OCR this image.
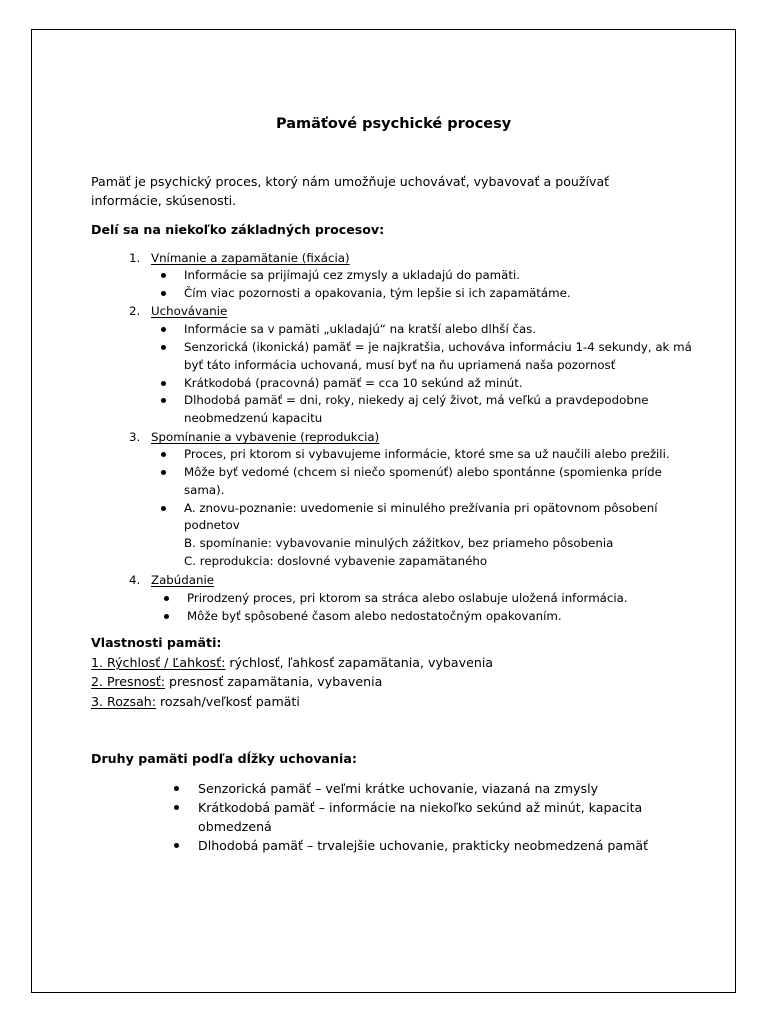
Pamäťové psychické procesy
Pamäť je psychický proces, ktorý nám umožňuje uchovávať, vybavovať a používať
informácie, skúsenosti.
Delí sa na niekoľko základných procesov:
1. Vnímanie a zapamätanie (fixácia)
Informácie sa prijímajú cez zmysly a ukladajú do pamäti.
Čím viac pozornosti a opakovania, tým lepšie si ich zapamätáme.
2. Uchovávanie
Informácie sa v pamäti „ukladajú“ na kratší alebo dlhší čas.
Senzorická (ikonická) pamäť = je najkratšia, uchováva informáciu 1-4 sekundy, ak má
byť táto informácia uchovaná, musí byť na ňu upriamená naša pozornosť
Krátkodobá (pracovná) pamäť = cca 10 sekúnd až minút.
Dlhodobá pamäť = dni, roky, niekedy aj celý život, má veľkú a pravdepodobne
neobmedzenú kapacitu
3. Spomínanie a vybavenie (reprodukcia)
Proces, pri ktorom si vybavujeme informácie, ktoré sme sa už naučili alebo prežili.
Môže byť vedomé (chcem si niečo spomenúť) alebo spontánne (spomienka príde
sama).
A. znovu-poznanie: uvedomenie si minulého prežívania pri opätovnom pôsobení
podnetov
B. spomínanie: vybavovanie minulých zážitkov, bez priameho pôsobenia
C. reprodukcia: doslovné vybavenie zapamätaného
4. Zabúdanie
Prirodzený proces, pri ktorom sa stráca alebo oslabuje uložená informácia.
Môže byť spôsobené časom alebo nedostatočným opakovaním.
Vlastnosti pamäti:
1. Rýchlosť / Ľahkosť: rýchlosť, ľahkosť zapamätania, vybavenia
2. Presnosť: presnosť zapamätania, vybavenia
3. Rozsah: rozsah/veľkosť pamäti
Druhy pamäti podľa dĺžky uchovania:
Senzorická pamäť – veľmi krátke uchovanie, viazaná na zmysly
Krátkodobá pamäť – informácie na niekoľko sekúnd až minút, kapacita
obmedzená
Dlhodobá pamäť – trvalejšie uchovanie, prakticky neobmedzená pamäť
